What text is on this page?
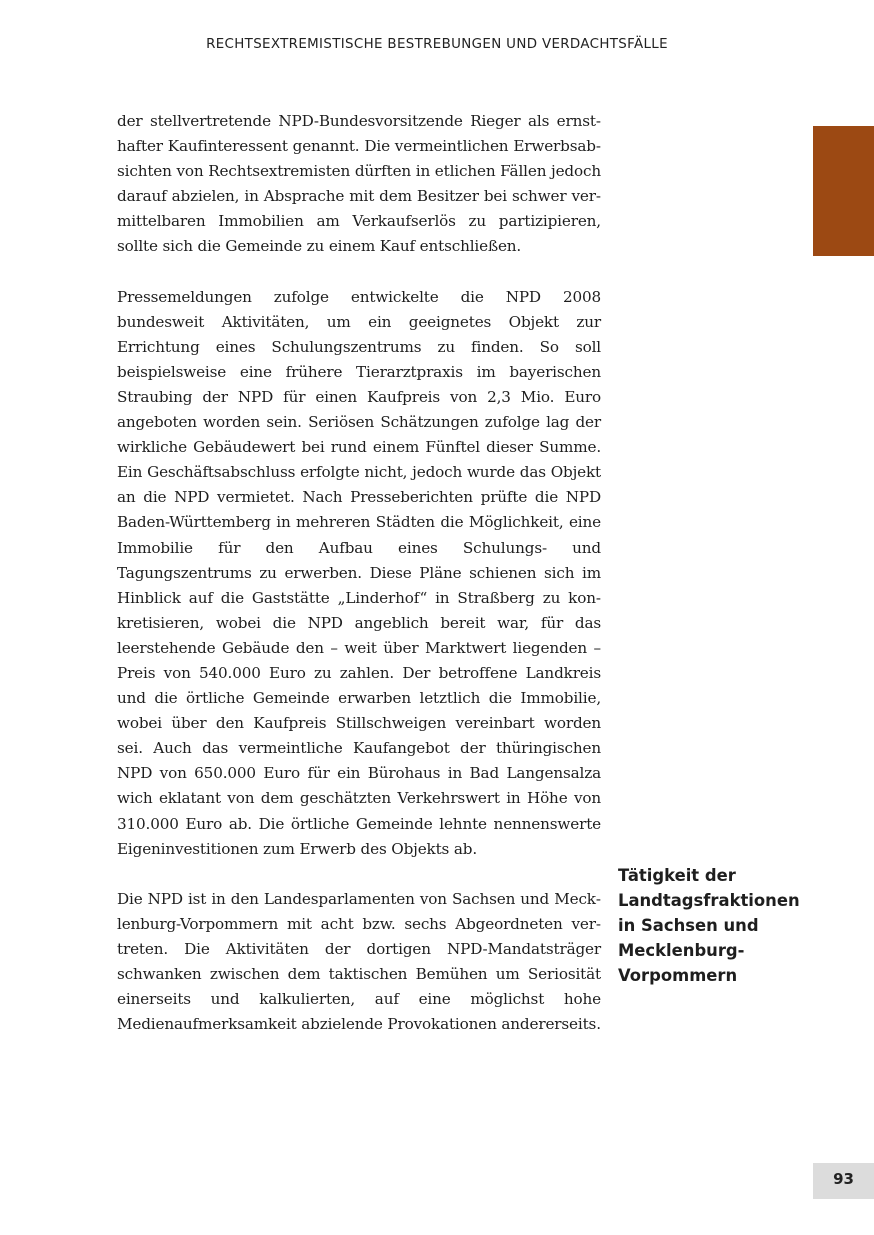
RECHTSEXTREMISTISCHE BESTREBUNGEN UND VERDACHTSFÄLLE

der stellvertretende NPD-Bundesvorsitzende Rieger als ernsthafter Kaufinteressent genannt. Die vermeintlichen Erwerbsabsichten von Rechtsextremisten dürften in etlichen Fällen jedoch darauf abzielen, in Absprache mit dem Besitzer bei schwer vermittelbaren Immobilien am Verkaufserlös zu partizipieren, sollte sich die Gemeinde zu einem Kauf entschließen.

Pressemeldungen zufolge entwickelte die NPD 2008 bundesweit Aktivitäten, um ein geeignetes Objekt zur Errichtung eines Schulungszentrums zu finden. So soll beispielsweise eine frühere Tierarztpraxis im bayerischen Straubing der NPD für einen Kaufpreis von 2,3 Mio. Euro angeboten worden sein. Seriösen Schätzungen zufolge lag der wirkliche Gebäudewert bei rund einem Fünftel dieser Summe. Ein Geschäftsabschluss erfolgte nicht, jedoch wurde das Objekt an die NPD vermietet. Nach Presseberichten prüfte die NPD Baden-Württemberg in mehreren Städten die Möglichkeit, eine Immobilie für den Aufbau eines Schulungs- und Tagungszentrums zu erwerben. Diese Pläne schienen sich im Hinblick auf die Gaststätte „Linderhof“ in Straßberg zu konkretisieren, wobei die NPD angeblich bereit war, für das leerstehende Gebäude den – weit über Marktwert liegenden – Preis von 540.000 Euro zu zahlen. Der betroffene Landkreis und die örtliche Gemeinde erwarben letztlich die Immobilie, wobei über den Kaufpreis Stillschweigen vereinbart worden sei. Auch das vermeintliche Kaufangebot der thüringischen NPD von 650.000 Euro für ein Bürohaus in Bad Langensalza wich eklatant von dem geschätzten Verkehrswert in Höhe von 310.000 Euro ab. Die örtliche Gemeinde lehnte nennenswerte Eigeninvestitionen zum Erwerb des Objekts ab.

Die NPD ist in den Landesparlamenten von Sachsen und Mecklenburg-Vorpommern mit acht bzw. sechs Abgeordneten vertreten. Die Aktivitäten der dortigen NPD-Mandatsträger schwanken zwischen dem taktischen Bemühen um Seriosität einerseits und kalkulierten, auf eine möglichst hohe Medienaufmerksamkeit abzielende Provokationen andererseits.

Tätigkeit der
Landtagsfraktionen
in Sachsen und
Mecklenburg-
Vorpommern
93
